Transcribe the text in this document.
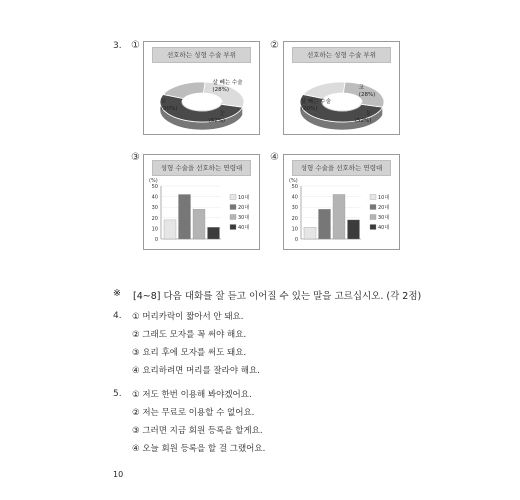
3. ①
선호하는 성형 수술 부위
눈
(52%)
코
(20%)
살 빼는 수술
(28%)
②
선호하는 성형 수술 부위
눈
(52%)
살 빼는 수술
(20%)
코
(28%)
③
성형 수술을 선호하는 연령대
(%)
50
40
30
20
10
0
10대
20대
30대
40대
④
성형 수술을 선호하는 연령대
(%)
50
40
30
20
10
0
10대
20대
30대
40대
※ [4~8] 다음 대화를 잘 듣고 이어질 수 있는 말을 고르십시오. (각 2점)
4. ① 머리카락이 짧아서 안 돼요.
② 그래도 모자를 꼭 써야 해요.
③ 요리 후에 모자를 써도 돼요.
④ 요리하려면 머리를 잘라야 해요.
5. ① 저도 한번 이용해 봐야겠어요.
② 저는 무료로 이용할 수 없어요.
③ 그러면 지금 회원 등록을 할게요.
④ 오늘 회원 등록을 할 걸 그랬어요.
10
